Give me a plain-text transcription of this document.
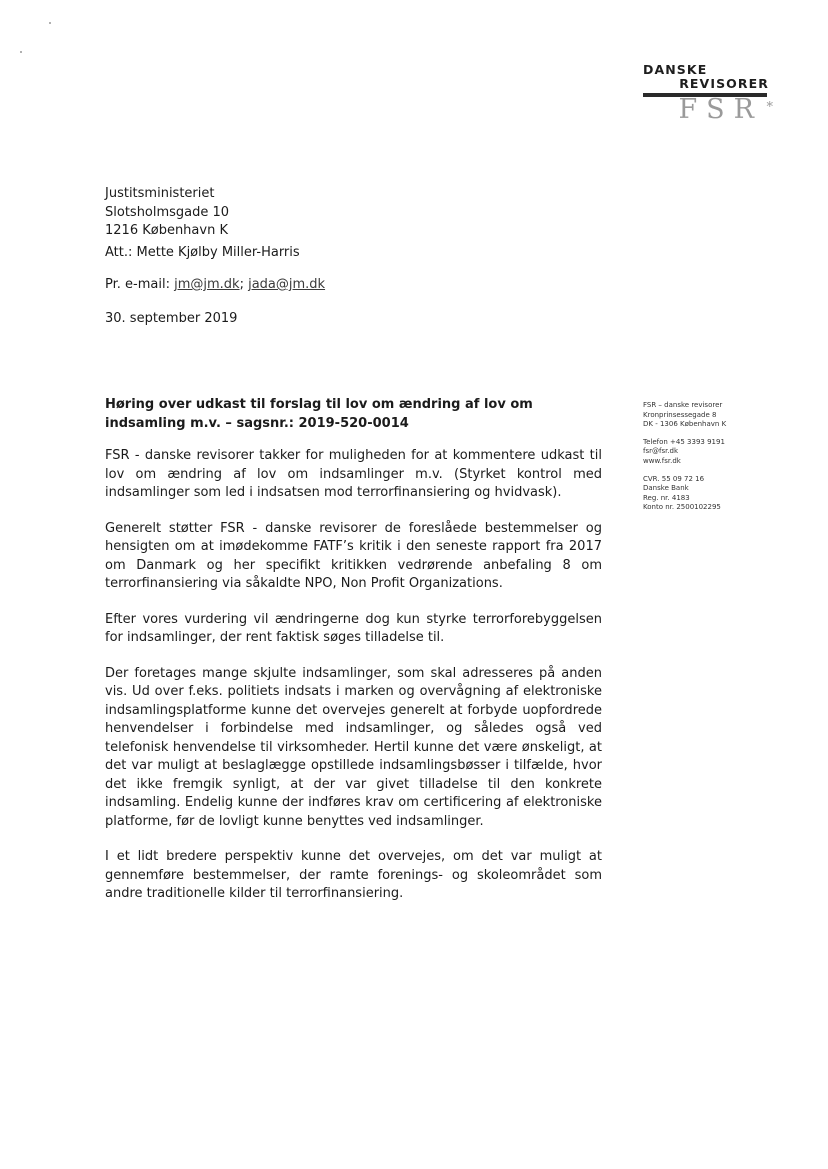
DANSKE
REVISORER
FSR *
Justitsministeriet
Slotsholmsgade 10
1216 København K
Att.: Mette Kjølby Miller-Harris
Pr. e-mail: jm@jm.dk; jada@jm.dk
30. september 2019
Høring over udkast til forslag til lov om ændring af lov om indsamling m.v. – sagsnr.: 2019-520-0014

FSR - danske revisorer takker for muligheden for at kommentere udkast til lov om ændring af lov om indsamlinger m.v. (Styrket kontrol med indsamlinger som led i indsatsen mod terrorfinansiering og hvidvask).

Generelt støtter FSR - danske revisorer de foreslåede bestemmelser og hensigten om at imødekomme FATF’s kritik i den seneste rapport fra 2017 om Danmark og her specifikt kritikken vedrørende anbefaling 8 om terrorfinansiering via såkaldte NPO, Non Profit Organizations.

Efter vores vurdering vil ændringerne dog kun styrke terrorforebyggelsen for indsamlinger, der rent faktisk søges tilladelse til.

Der foretages mange skjulte indsamlinger, som skal adresseres på anden vis. Ud over f.eks. politiets indsats i marken og overvågning af elektroniske indsamlingsplatforme kunne det overvejes generelt at forbyde uopfordrede henvendelser i forbindelse med indsamlinger, og således også ved telefonisk henvendelse til virksomheder. Hertil kunne det være ønskeligt, at det var muligt at beslaglægge opstillede indsamlingsbøsser i tilfælde, hvor det ikke fremgik synligt, at der var givet tilladelse til den konkrete indsamling. Endelig kunne der indføres krav om certificering af elektroniske platforme, før de lovligt kunne benyttes ved indsamlinger.

I et lidt bredere perspektiv kunne det overvejes, om det var muligt at gennemføre bestemmelser, der ramte forenings- og skoleområdet som andre traditionelle kilder til terrorfinansiering.

FSR – danske revisorer
Kronprinsessegade 8
DK - 1306 København K
Telefon +45 3393 9191
fsr@fsr.dk
www.fsr.dk
CVR. 55 09 72 16
Danske Bank
Reg. nr. 4183
Konto nr. 2500102295
